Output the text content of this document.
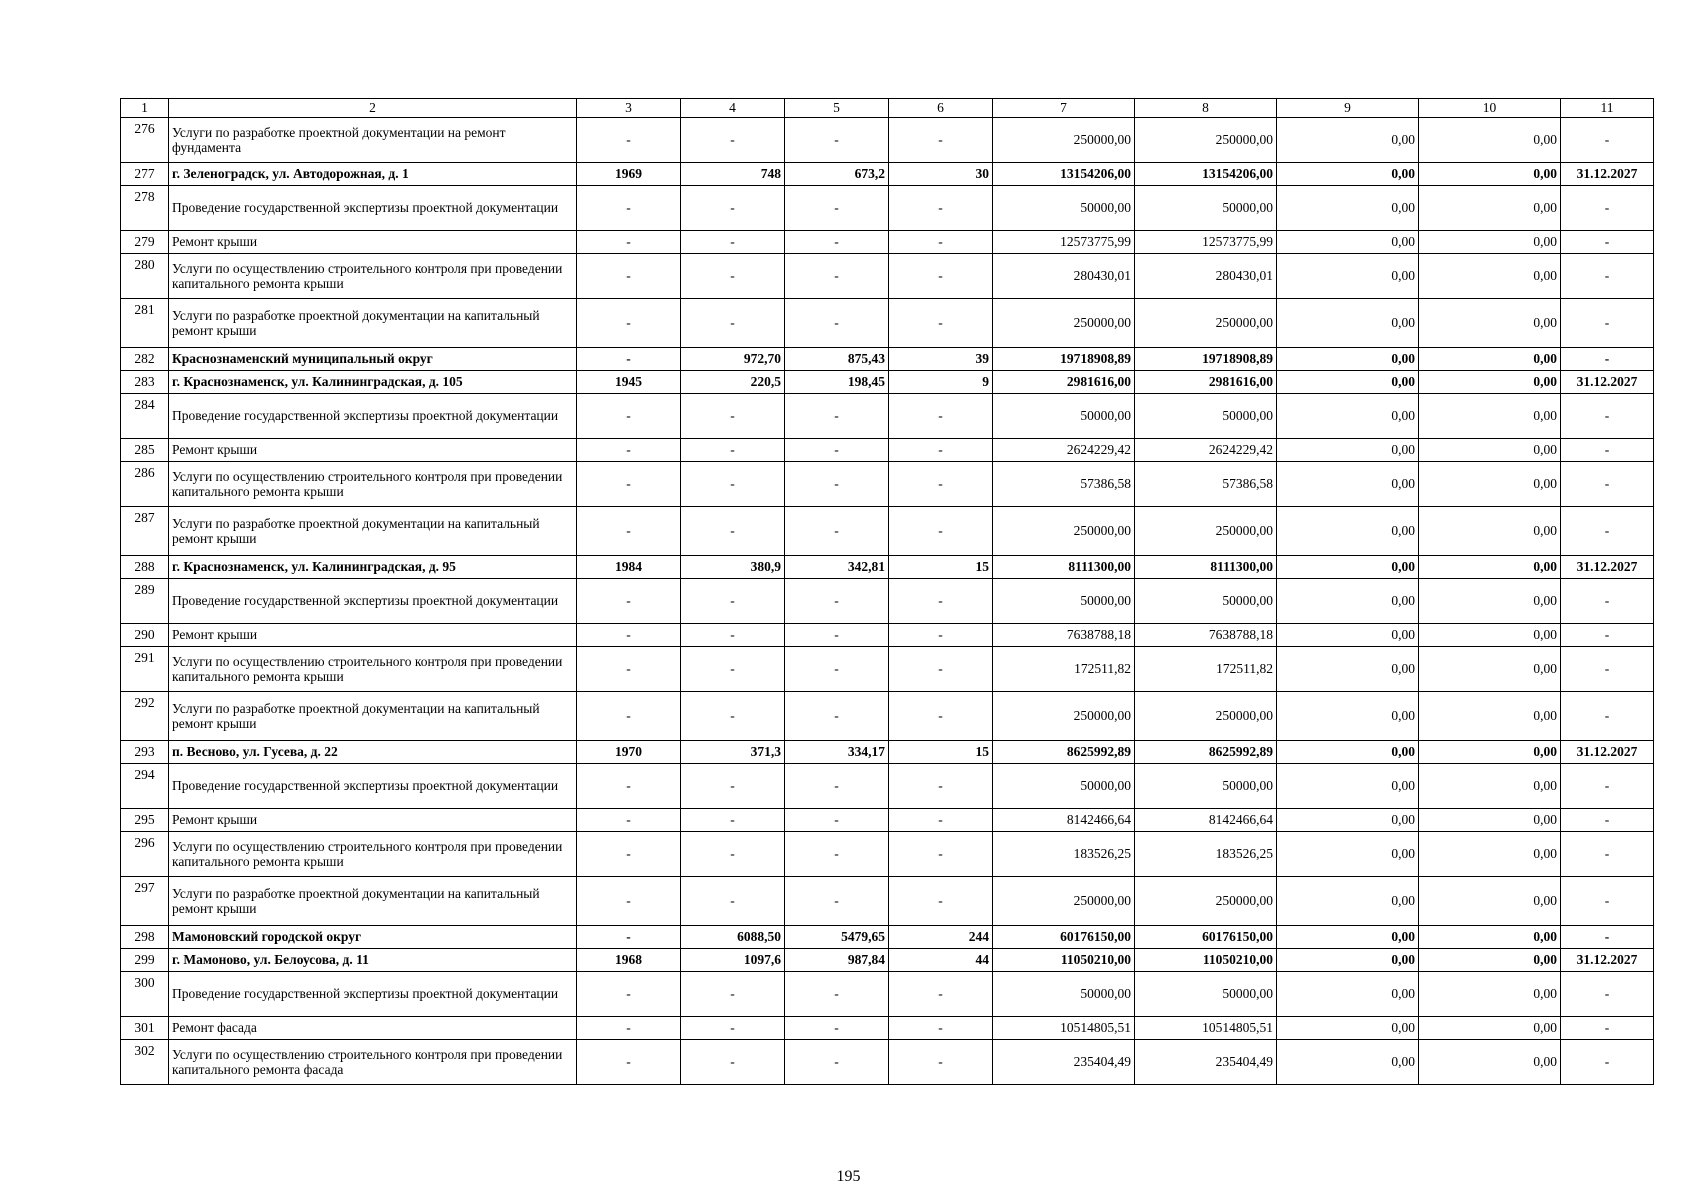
1	2	3	4	5	6	7	8	9	10	11
276	Услуги по разработке проектной документации на ремонт фундамента	-	-	-	-	250000,00	250000,00	0,00	0,00	-
277	г. Зеленоградск, ул. Автодорожная, д. 1	1969	748	673,2	30	13154206,00	13154206,00	0,00	0,00	31.12.2027
278	Проведение государственной экспертизы проектной документации	-	-	-	-	50000,00	50000,00	0,00	0,00	-
279	Ремонт крыши	-	-	-	-	12573775,99	12573775,99	0,00	0,00	-
280	Услуги по осуществлению строительного контроля при проведении капитального ремонта крыши	-	-	-	-	280430,01	280430,01	0,00	0,00	-
281	Услуги по разработке проектной документации на капитальный ремонт крыши	-	-	-	-	250000,00	250000,00	0,00	0,00	-
282	Краснознаменский муниципальный округ	-	972,70	875,43	39	19718908,89	19718908,89	0,00	0,00	-
283	г. Краснознаменск, ул. Калининградская, д. 105	1945	220,5	198,45	9	2981616,00	2981616,00	0,00	0,00	31.12.2027
284	Проведение государственной экспертизы проектной документации	-	-	-	-	50000,00	50000,00	0,00	0,00	-
285	Ремонт крыши	-	-	-	-	2624229,42	2624229,42	0,00	0,00	-
286	Услуги по осуществлению строительного контроля при проведении капитального ремонта крыши	-	-	-	-	57386,58	57386,58	0,00	0,00	-
287	Услуги по разработке проектной документации на капитальный ремонт крыши	-	-	-	-	250000,00	250000,00	0,00	0,00	-
288	г. Краснознаменск, ул. Калининградская, д. 95	1984	380,9	342,81	15	8111300,00	8111300,00	0,00	0,00	31.12.2027
289	Проведение государственной экспертизы проектной документации	-	-	-	-	50000,00	50000,00	0,00	0,00	-
290	Ремонт крыши	-	-	-	-	7638788,18	7638788,18	0,00	0,00	-
291	Услуги по осуществлению строительного контроля при проведении капитального ремонта крыши	-	-	-	-	172511,82	172511,82	0,00	0,00	-
292	Услуги по разработке проектной документации на капитальный ремонт крыши	-	-	-	-	250000,00	250000,00	0,00	0,00	-
293	п. Весново, ул. Гусева, д. 22	1970	371,3	334,17	15	8625992,89	8625992,89	0,00	0,00	31.12.2027
294	Проведение государственной экспертизы проектной документации	-	-	-	-	50000,00	50000,00	0,00	0,00	-
295	Ремонт крыши	-	-	-	-	8142466,64	8142466,64	0,00	0,00	-
296	Услуги по осуществлению строительного контроля при проведении капитального ремонта крыши	-	-	-	-	183526,25	183526,25	0,00	0,00	-
297	Услуги по разработке проектной документации на капитальный ремонт крыши	-	-	-	-	250000,00	250000,00	0,00	0,00	-
298	Мамоновский городской округ	-	6088,50	5479,65	244	60176150,00	60176150,00	0,00	0,00	-
299	г. Мамоново, ул. Белоусова, д. 11	1968	1097,6	987,84	44	11050210,00	11050210,00	0,00	0,00	31.12.2027
300	Проведение государственной экспертизы проектной документации	-	-	-	-	50000,00	50000,00	0,00	0,00	-
301	Ремонт фасада	-	-	-	-	10514805,51	10514805,51	0,00	0,00	-
302	Услуги по осуществлению строительного контроля при проведении капитального ремонта фасада	-	-	-	-	235404,49	235404,49	0,00	0,00	-
195
